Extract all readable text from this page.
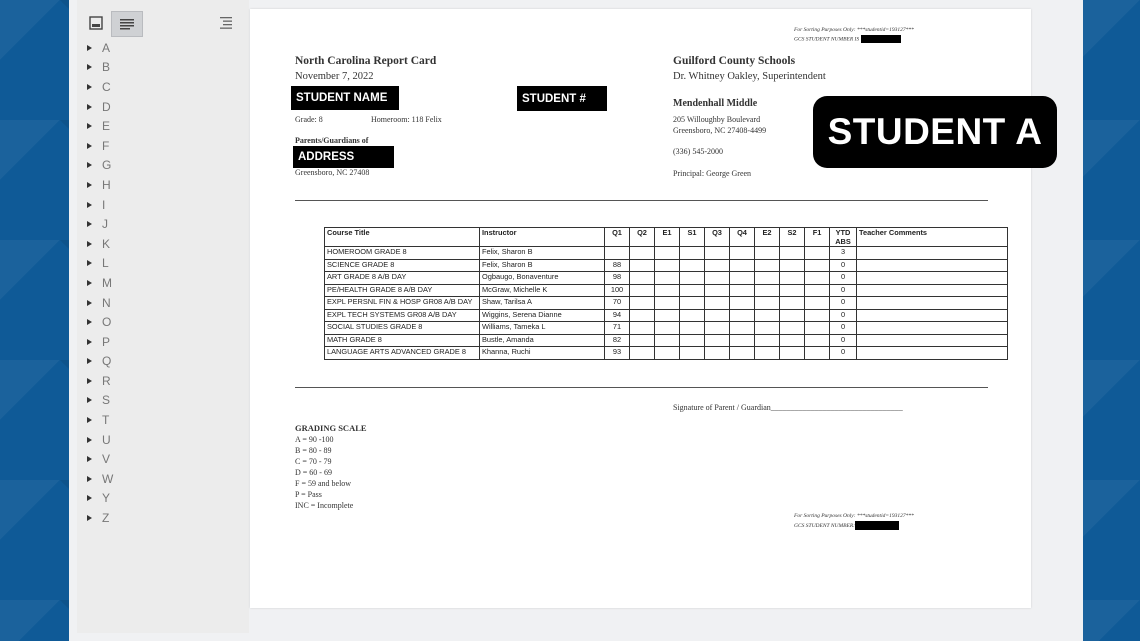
A
B
C
D
E
F
G
H
I
J
K
L
M
N
O
P
Q
R
S
T
U
V
W
Y
Z
For Sorting Purposes Only: ***studentid=193127***
GCS STUDENT NUMBER IS
North Carolina Report Card
November 7, 2022
STUDENT NAME	STUDENT #
Grade: 8	Homeroom: 118 Felix
Parents/Guardians of
ADDRESS
Greensboro, NC 27408
Guilford County Schools
Dr. Whitney Oakley, Superintendent
Mendenhall Middle
205 Willoughby Boulevard
Greensboro, NC 27408-4499
(336) 545-2000
Principal: George Green
STUDENT A
Course Title	Instructor	Q1	Q2	E1	S1	Q3	Q4	E2	S2	F1	YTD ABS	Teacher Comments
HOMEROOM GRADE 8	Felix, Sharon B										3	
SCIENCE GRADE 8	Felix, Sharon B	88									0	
ART GRADE 8 A/B DAY	Ogbaugo, Bonaventure	98									0	
PE/HEALTH GRADE 8 A/B DAY	McGraw, Michelle K	100									0	
EXPL PERSNL FIN & HOSP GR08 A/B DAY	Shaw, Tarilsa A	70									0	
EXPL TECH SYSTEMS GR08 A/B DAY	Wiggins, Serena Dianne	94									0	
SOCIAL STUDIES GRADE 8	Williams, Tameka L	71									0	
MATH GRADE 8	Bustle, Amanda	82									0	
LANGUAGE ARTS ADVANCED GRADE 8	Khanna, Ruchi	93									0	
Signature of Parent / Guardian_________________________________
GRADING SCALE
A = 90 -100
B = 80 - 89
C = 70 - 79
D = 60 - 69
F = 59 and below
P = Pass
INC = Incomplete
For Sorting Purposes Only: ***studentid=193127***
GCS STUDENT NUMBER:
